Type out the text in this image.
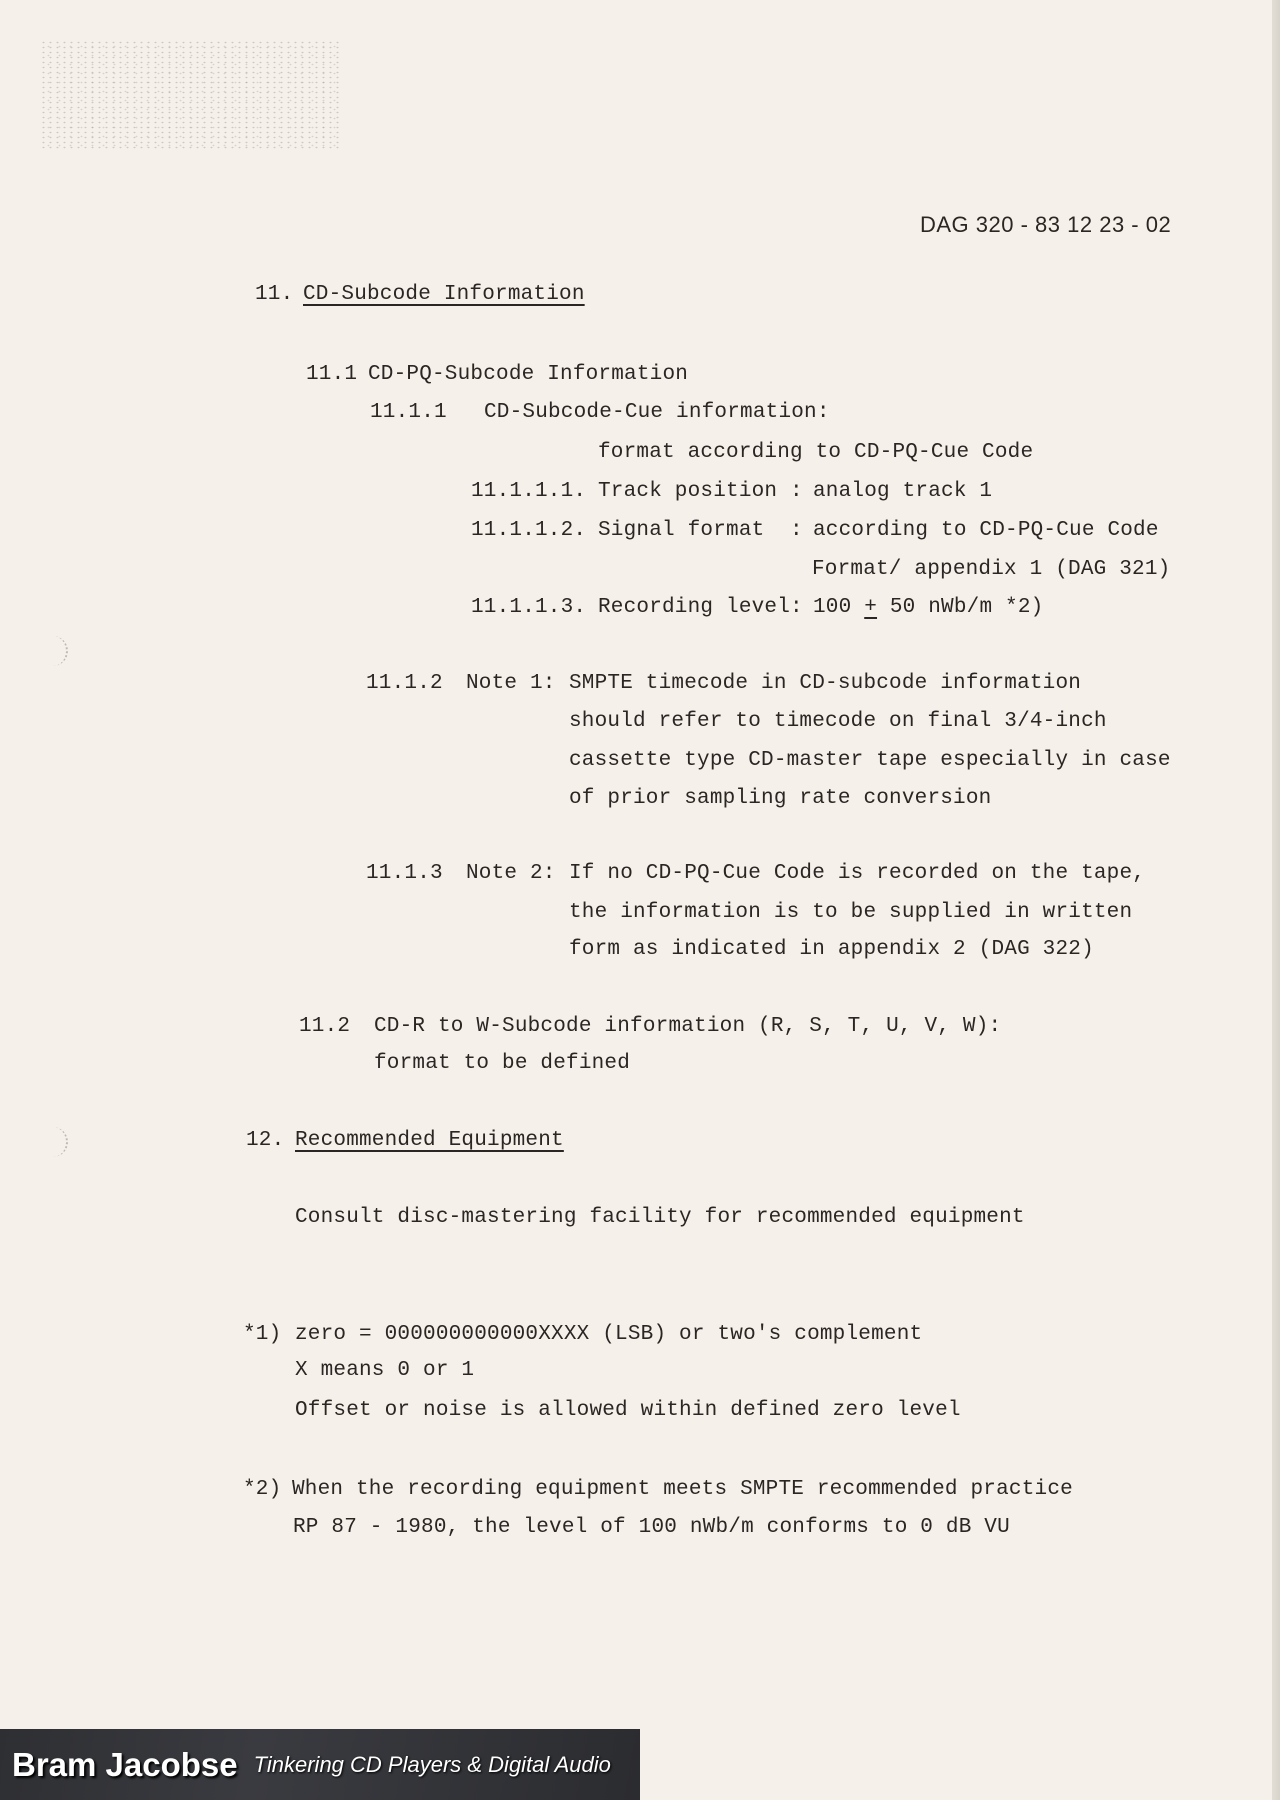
DAG 320 - 83 12 23 - 02
11. CD-Subcode Information
11.1 CD-PQ-Subcode Information
11.1.1 CD-Subcode-Cue information:
format according to CD-PQ-Cue Code
11.1.1.1. Track position : analog track 1
11.1.1.2. Signal format  : according to CD-PQ-Cue Code
Format/ appendix 1 (DAG 321)
11.1.1.3. Recording level: 100 + 50 nWb/m *2)
11.1.2 Note 1: SMPTE timecode in CD-subcode information
should refer to timecode on final 3/4-inch
cassette type CD-master tape especially in case
of prior sampling rate conversion
11.1.3 Note 2: If no CD-PQ-Cue Code is recorded on the tape,
the information is to be supplied in written
form as indicated in appendix 2 (DAG 322)
11.2 CD-R to W-Subcode information (R, S, T, U, V, W):
format to be defined
12. Recommended Equipment
Consult disc-mastering facility for recommended equipment
*1) zero = 000000000000XXXX (LSB) or two's complement
X means 0 or 1
Offset or noise is allowed within defined zero level
*2) When the recording equipment meets SMPTE recommended practice
RP 87 - 1980, the level of 100 nWb/m conforms to 0 dB VU
Bram Jacobse Tinkering CD Players & Digital Audio
